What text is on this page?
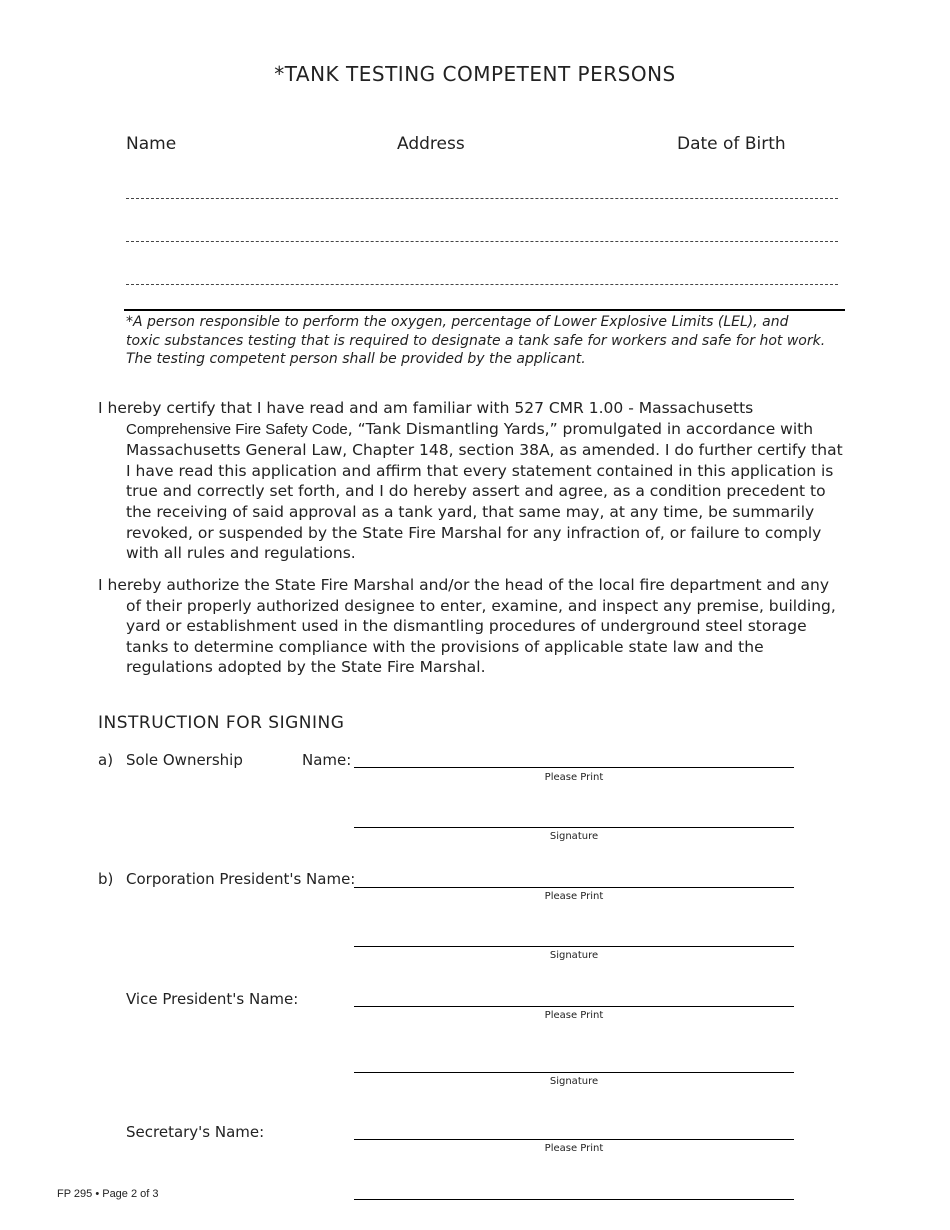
*TANK TESTING COMPETENT PERSONS
Name	Address	Date of Birth
*A person responsible to perform the oxygen, percentage of Lower Explosive Limits (LEL), and toxic substances testing that is required to designate a tank safe for workers and safe for hot work. The testing competent person shall be provided by the applicant.
I hereby certify that I have read and am familiar with 527 CMR 1.00 - Massachusetts Comprehensive Fire Safety Code, “Tank Dismantling Yards,” promulgated in accordance with Massachusetts General Law, Chapter 148, section 38A, as amended. I do further certify that I have read this application and affirm that every statement contained in this application is true and correctly set forth, and I do hereby assert and agree, as a condition precedent to the receiving of said approval as a tank yard, that same may, at any time, be summarily revoked, or suspended by the State Fire Marshal for any infraction of, or failure to comply with all rules and regulations.
I hereby authorize the State Fire Marshal and/or the head of the local fire department and any of their properly authorized designee to enter, examine, and inspect any premise, building, yard or establishment used in the dismantling procedures of underground steel storage tanks to determine compliance with the provisions of applicable state law and the regulations adopted by the State Fire Marshal.
INSTRUCTION FOR SIGNING
a) Sole Ownership	Name:
Please Print
Signature
b) Corporation President's Name:
Please Print
Signature
Vice President's Name:
Please Print
Signature
Secretary's Name:
Please Print
FP 295 • Page 2 of 3
